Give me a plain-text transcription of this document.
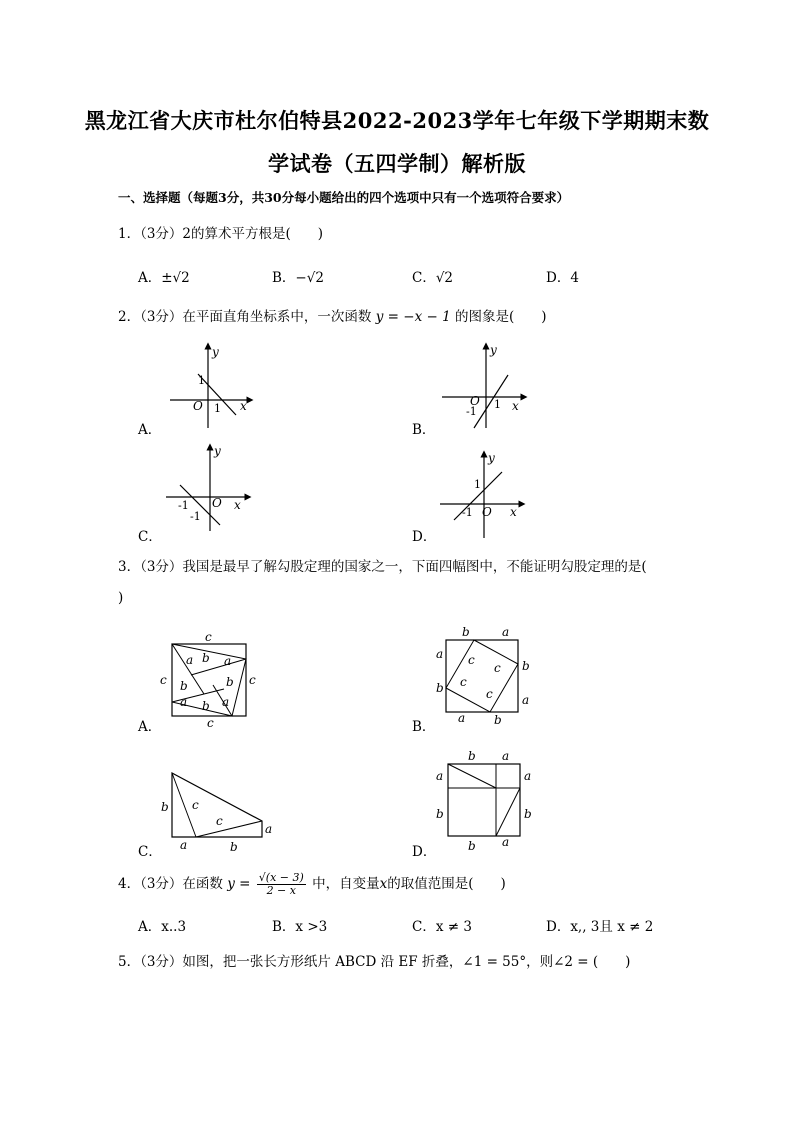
黑龙江省大庆市杜尔伯特县2022-2023学年七年级下学期期末数
学试卷（五四学制）解析版
一、选择题（每题3分，共30分每小题给出的四个选项中只有一个选项符合要求）
1．（3分）2的算术平方根是(　　)
A．±√2	B．−√2	C．√2	D．4
2．（3分）在平面直角坐标系中，一次函数 y = −x − 1 的图象是(　　)
A．	B．
C．	D．
y
x
O
1
1
y
x
O
-1
1
y
x
O
-1
-1
y
x
O
-1
1
3．（3分）我国是最早了解勾股定理的国家之一，下面四幅图中，不能证明勾股定理的是(
)
A．	B．
C．	D．
c
c	c
c
a b a
b	b
a b a
b	a
a
b
b
a
a b
c
c
c
c
b c
c
a	b
a
b a
a
b
a
b
b a
4．（3分）在函数 $y = \frac{√(x - 3)}{2 - x}$ 中，自变量x的取值范围是(　　)
A．x..3	B．x >3	C．x ≠ 3	D．x,, 3且 x ≠ 2
5．（3分）如图，把一张长方形纸片 ABCD 沿 EF 折叠，∠1 = 55°，则∠2 = (　　)
